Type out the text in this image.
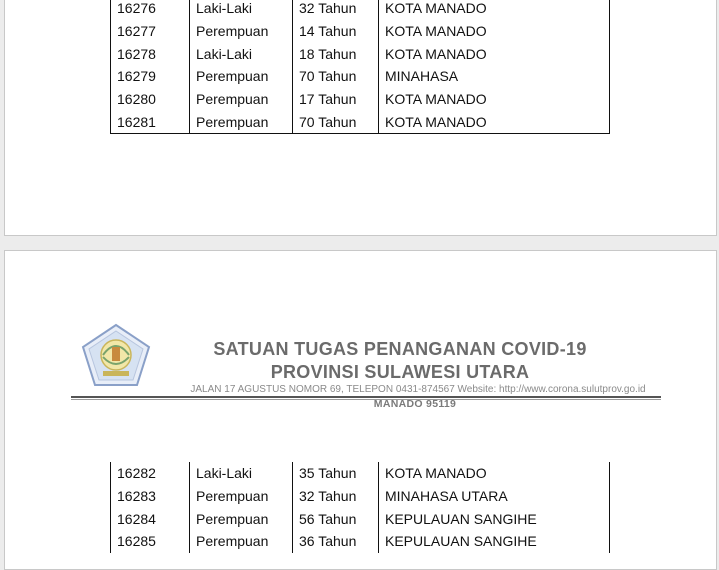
16276	Laki-Laki	32 Tahun	KOTA MANADO
16277	Perempuan	14 Tahun	KOTA MANADO
16278	Laki-Laki	18 Tahun	KOTA MANADO
16279	Perempuan	70 Tahun	MINAHASA
16280	Perempuan	17 Tahun	KOTA MANADO
16281	Perempuan	70 Tahun	KOTA MANADO
SATUAN TUGAS PENANGANAN COVID-19
PROVINSI SULAWESI UTARA
JALAN 17 AGUSTUS NOMOR 69, TELEPON 0431-874567 Website: http://www.corona.sulutprov.go.id
MANADO 95119
16282	Laki-Laki	35 Tahun	KOTA MANADO
16283	Perempuan	32 Tahun	MINAHASA UTARA
16284	Perempuan	56 Tahun	KEPULAUAN SANGIHE
16285	Perempuan	36 Tahun	KEPULAUAN SANGIHE
